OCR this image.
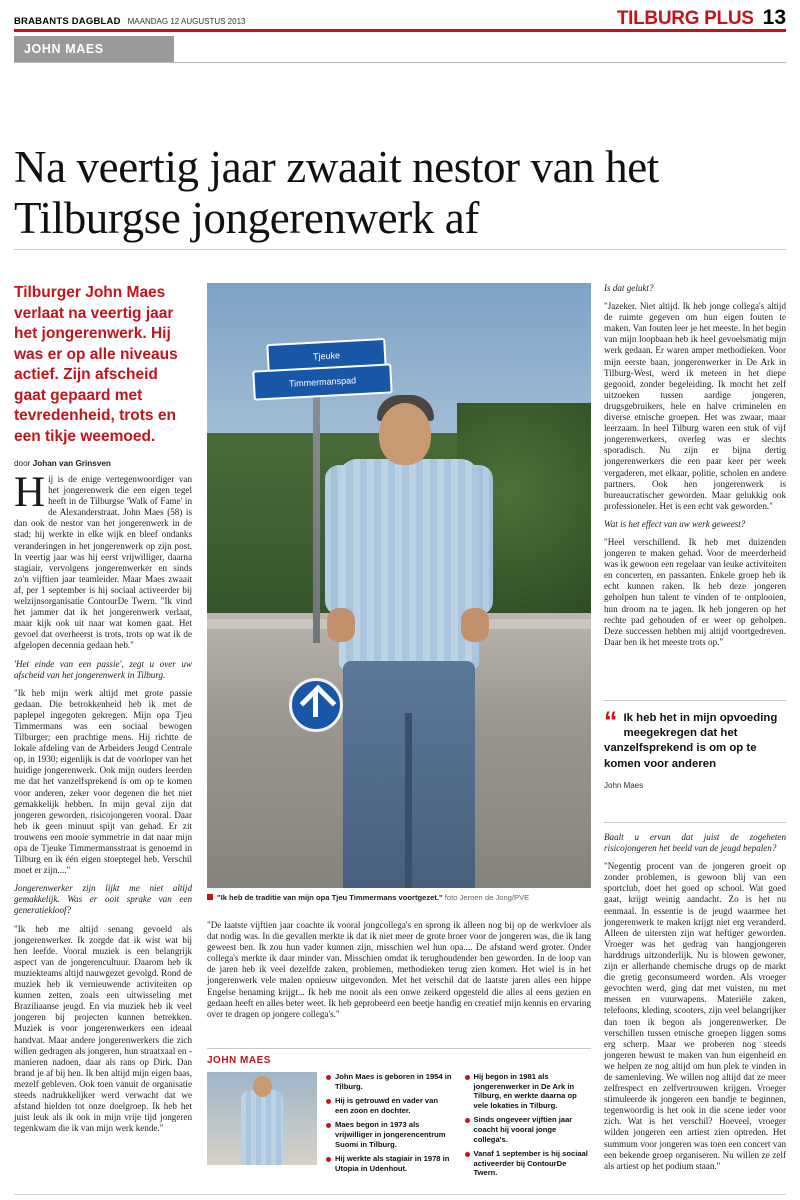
BRABANTS DAGBLAD MAANDAG 12 AUGUSTUS 2013	TILBURG PLUS 13
JOHN MAES
Na veertig jaar zwaait nestor van het Tilburgse jongerenwerk af

Tilburger John Maes verlaat na veertig jaar het jongerenwerk. Hij was er op alle niveaus actief. Zijn afscheid gaat gepaard met tevredenheid, trots en een tikje weemoed.

door Johan van Grinsven

Hij is de enige vertegenwoordiger van het jongerenwerk die een eigen tegel heeft in de Tilburgse 'Walk of Fame' in de Alexanderstraat. John Maes (58) is dan ook de nestor van het jongerenwerk in de stad; hij werkte in elke wijk en bleef ondanks veranderingen in het jongerenwerk op zijn post. In veertig jaar was hij eerst vrijwilliger, daarna stagiair, vervolgens jongerenwerker en sinds zo'n vijftien jaar teamleider. Maar Maes zwaait af, per 1 september is hij sociaal activeerder bij welzijnsorganisatie ContourDe Twern. "Ik vind het jammer dat ik het jongerenwerk verlaat, maar kijk ook uit naar wat komen gaat. Het gevoel dat overheerst is trots, trots op wat ik de afgelopen decennia gedaan heb."

'Het einde van een passie', zegt u over uw afscheid van het jongerenwerk in Tilburg.

"Ik heb mijn werk altijd met grote passie gedaan. Die betrokkenheid heb ik met de paplepel ingegoten gekregen. Mijn opa Tjeu Timmermans was een sociaal bewogen Tilburger; een prachtige mens. Hij richtte de lokale afdeling van de Arbeiders Jeugd Centrale op, in 1930; eigenlijk is dat de voorloper van het huidige jongerenwerk. Ook mijn ouders leerden me dat het vanzelfsprekend is om op te komen voor anderen, zeker voor degenen die het niet gemakkelijk hebben. In mijn geval zijn dat jongeren geworden, risicojongeren vooral. Daar heb ik geen minuut spijt van gehad. Er zit trouwens een mooie symmetrie in dat naar mijn opa de Tjeuke Timmermansstraat is genoemd in Tilburg en ik één eigen stoeptegel heb. Verschil moet er zijn...."

Jongerenwerker zijn lijkt me niet altijd gemakkelijk. Was er ooit sprake van een generatiekloof?

"Ik heb me altijd senang gevoeld als jongerenwerker. Ik zorgde dat ik wist wat bij hen leefde. Vooral muziek is een belangrijk aspect van de jongerencultuur. Daarom heb ik muziekteams altijd nauwgezet gevolgd. Rond de muziek heb ik vernieuwende activiteiten op kunnen zetten, zoals een uitwisseling met Braziliaanse jeugd. En via muziek heb ik veel jongeren bij projecten kunnen betrekken. Muziek is voor jongerenwerkers een ideaal handvat. Maar andere jongerenwerkers die zich willen gedragen als jongeren, hun straatxaal en -manieren nadoen, daar als rans op Dirk. Dan brand je af bij hen. Ik ben altijd mijn eigen baas, mezelf gebleven. Ook toen vanuit de organisatie steeds nadrukkelijker werd verwacht dat we afstand hielden tot onze doelgroep. Ik heb het juist leuk als ik ook in mijn vrije tijd jongeren tegenkwam die ik van mijn werk kende."

Tjeuke
Timmermanspad
"Ik heb de traditie van mijn opa Tjeu Timmermans voortgezet." foto Jeroen de Jong/PVE

"De laatste vijftien jaar coachte ik vooral jongcollega's en sprong ik alleen nog bij op de werkvloer als dat nodig was. In die gevallen merkte ik dat ik niet meer de grote broer voor de jongeren was, die ik lang geweest ben. Ik zou hun vader kunnen zijn, misschien wel hun opa.... De afstand werd groter. Onder collega's merkte ik daar minder van. Misschien omdat ik terughoudender ben geworden. In de loop van de jaren heb ik veel dezelfde zaken, problemen, methodieken terug zien komen. Het wiel is in het jongerenwerk vele malen opnieuw uitgevonden. Met het verschil dat de laatste jaren alles een hippe Engelse benaming krijgt... Ik heb me nooit als een onwe zeikerd opgesteld die alles al eens gezien en gedaan heeft en alles beter weet. Ik heb geprobeerd een beetje handig en creatief mijn kennis en ervaring over te dragen op jongere collega's."

Is dat gelukt?

"Jazeker. Niet altijd. Ik heb jonge collega's altijd de ruimte gegeven om hun eigen fouten te maken. Van fouten leer je het meeste. In het begin van mijn loopbaan heb ik heel gevoelsmatig mijn werk gedaan. Er waren amper methodieken. Voor mijn eerste baan, jongerenwerker in De Ark in Tilburg-West, werd ik meteen in het diepe gegooid, zonder begeleiding. Ik mocht het zelf uitzoeken tussen aardige jongeren, drugsgebruikers, hele en halve criminelen en diverse etnische groepen. Het was zwaar, maar leerzaam. In heel Tilburg waren een stuk of vijf jongerenwerkers, overleg was er slechts sporadisch. Nu zijn er bijna dertig jongerenwerkers die een paar keer per week vergaderen, met elkaar, politie, scholen en andere partners. Ook hen jongerenwerk is bureaucratischer geworden. Maar gelukkig ook professioneler. Het is een echt vak geworden."

Wat is het effect van uw werk geweest?

"Heel verschillend. Ik heb met duizenden jongeren te maken gehad. Voor de meerderheid was ik gewoon een regelaar van leuke activiteiten en concerten, en passanten. Enkele groep heb ik echt kunnen raken. Ik heb deze jongeren geholpen hun talent te vinden of te ontplooien, hun droom na te jagen. Ik heb jongeren op het rechte pad gehouden of er weer op geholpen. Deze successen hebben mij altijd voortgedreven. Daar ben ik het meeste trots op."

“ Ik heb het in mijn opvoeding meegekregen dat het vanzelfsprekend is om op te komen voor anderen

John Maes

Baalt u ervan dat juist de zogeheten risicojongeren het beeld van de jeugd bepalen?

"Negentig procent van de jongeren groeit op zonder problemen, is gewoon blij van een sportclub, doet het goed op school. Wat goed gaat, krijgt weinig aandacht. Zo is het nu eenmaal. In essentie is de jeugd waarmee het jongerenwerk te maken krijgt niet erg veranderd. Alleen de uitersten zijn wat heftiger geworden. Vroeger was het gedrag van hangjongeren harddrugs uitzonderlijk. Nu is blowen gewoner, zijn er allerhande chemische drugs op de markt die gretig geconsumeerd worden. Als vroeger gevochten werd, ging dat met vuisten, nu met messen en vuurwapens. Materiële zaken, telefoons, kleding, scooters, zijn veel belangrijker dan toen ik begon als jongerenwerker. De verschillen tussen etnische groepen liggen soms erg scherp. Maar we proberen nog steeds jongeren bewust te maken van hun eigenheid en we helpen ze nog altijd om hun plek te vinden in de samenleving. We willen nog altijd dat ze meer zelfrespect en zelfvertrouwen krijgen. Vroeger stimuleerde ik jongeren een bandje te beginnen, tegenwoordig is het ook in die scene ieder voor zich. Wat is het verschil? Hoeveel, vroeger wilden jongeren een artiest zien optreden. Het summum voor jongeren was toen een concert van een bekende groep organiseren. Nu willen ze zelf als artiest op het podium staan."

JOHN MAES
John Maes is geboren in 1954 in Tilburg.
Hij is getrouwd en vader van een zoon en dochter.
Maes begon in 1973 als vrijwilliger in jongerencentrum Suomi in Tilburg.
Hij werkte als stagiair in 1978 in Utopia in Udenhout.
Hij begon in 1981 als jongerenwerker in De Ark in Tilburg, en werkte daarna op vele lokaties in Tilburg.
Sinds ongeveer vijftien jaar coacht hij vooral jonge collega's.
Vanaf 1 september is hij sociaal activeerder bij ContourDe Twern.
